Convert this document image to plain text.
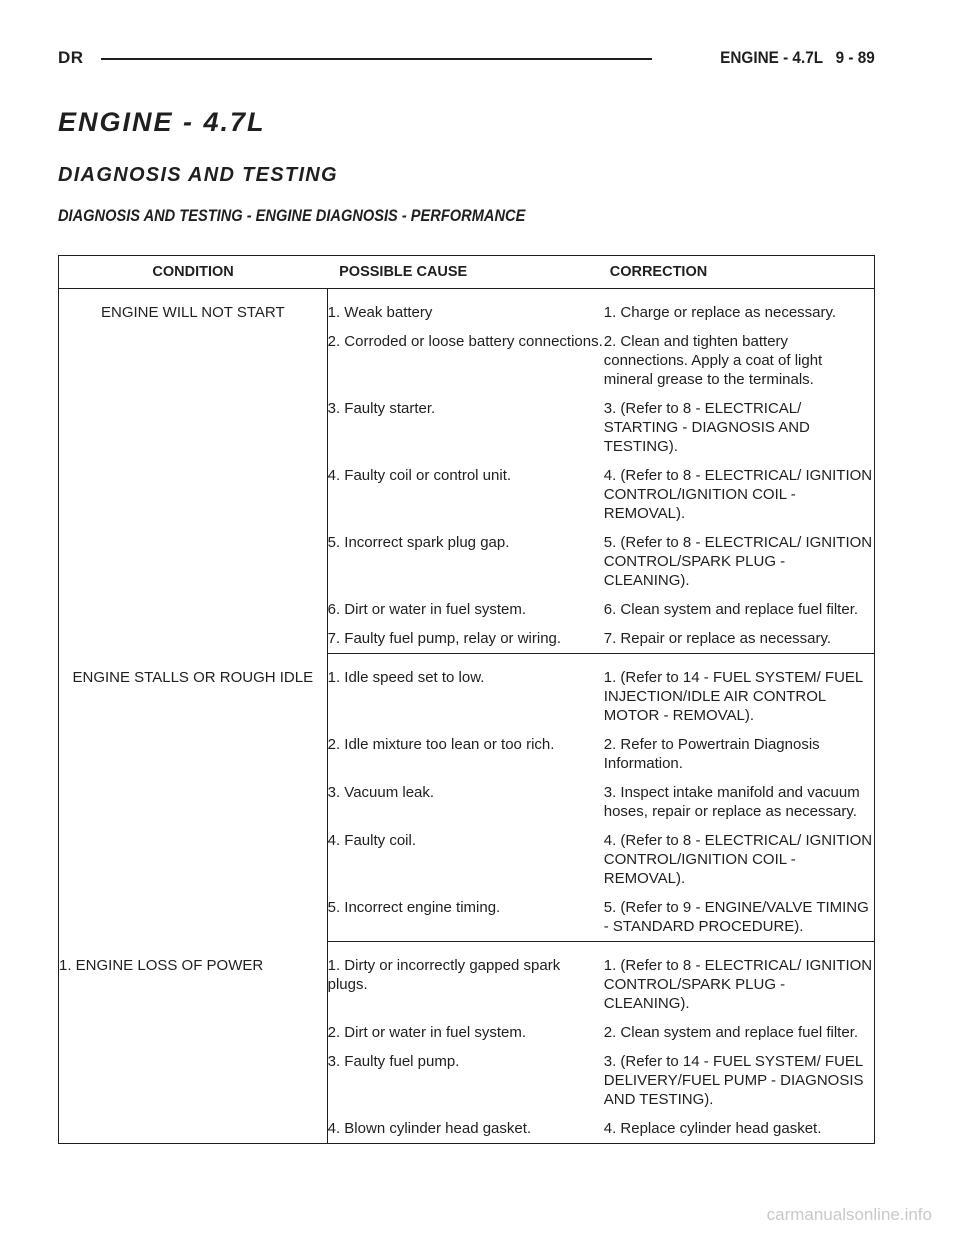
DR	ENGINE - 4.7L 9 - 89
ENGINE - 4.7L
DIAGNOSIS AND TESTING
DIAGNOSIS AND TESTING - ENGINE DIAGNOSIS - PERFORMANCE
CONDITION	POSSIBLE CAUSE	CORRECTION
ENGINE WILL NOT START	1. Weak battery	1. Charge or replace as necessary.
	2. Corroded or loose battery connections.	2. Clean and tighten battery connections. Apply a coat of light mineral grease to the terminals.
	3. Faulty starter.	3. (Refer to 8 - ELECTRICAL/ STARTING - DIAGNOSIS AND TESTING).
	4. Faulty coil or control unit.	4. (Refer to 8 - ELECTRICAL/ IGNITION CONTROL/IGNITION COIL - REMOVAL).
	5. Incorrect spark plug gap.	5. (Refer to 8 - ELECTRICAL/ IGNITION CONTROL/SPARK PLUG - CLEANING).
	6. Dirt or water in fuel system.	6. Clean system and replace fuel filter.
	7. Faulty fuel pump, relay or wiring.	7. Repair or replace as necessary.
ENGINE STALLS OR ROUGH IDLE	1. Idle speed set to low.	1. (Refer to 14 - FUEL SYSTEM/ FUEL INJECTION/IDLE AIR CONTROL MOTOR - REMOVAL).
	2. Idle mixture too lean or too rich.	2. Refer to Powertrain Diagnosis Information.
	3. Vacuum leak.	3. Inspect intake manifold and vacuum hoses, repair or replace as necessary.
	4. Faulty coil.	4. (Refer to 8 - ELECTRICAL/ IGNITION CONTROL/IGNITION COIL - REMOVAL).
	5. Incorrect engine timing.	5. (Refer to 9 - ENGINE/VALVE TIMING - STANDARD PROCEDURE).
1. ENGINE LOSS OF POWER	1. Dirty or incorrectly gapped spark plugs.	1. (Refer to 8 - ELECTRICAL/ IGNITION CONTROL/SPARK PLUG - CLEANING).
	2. Dirt or water in fuel system.	2. Clean system and replace fuel filter.
	3. Faulty fuel pump.	3. (Refer to 14 - FUEL SYSTEM/ FUEL DELIVERY/FUEL PUMP - DIAGNOSIS AND TESTING).
	4. Blown cylinder head gasket.	4. Replace cylinder head gasket.
carmanualsonline.info
